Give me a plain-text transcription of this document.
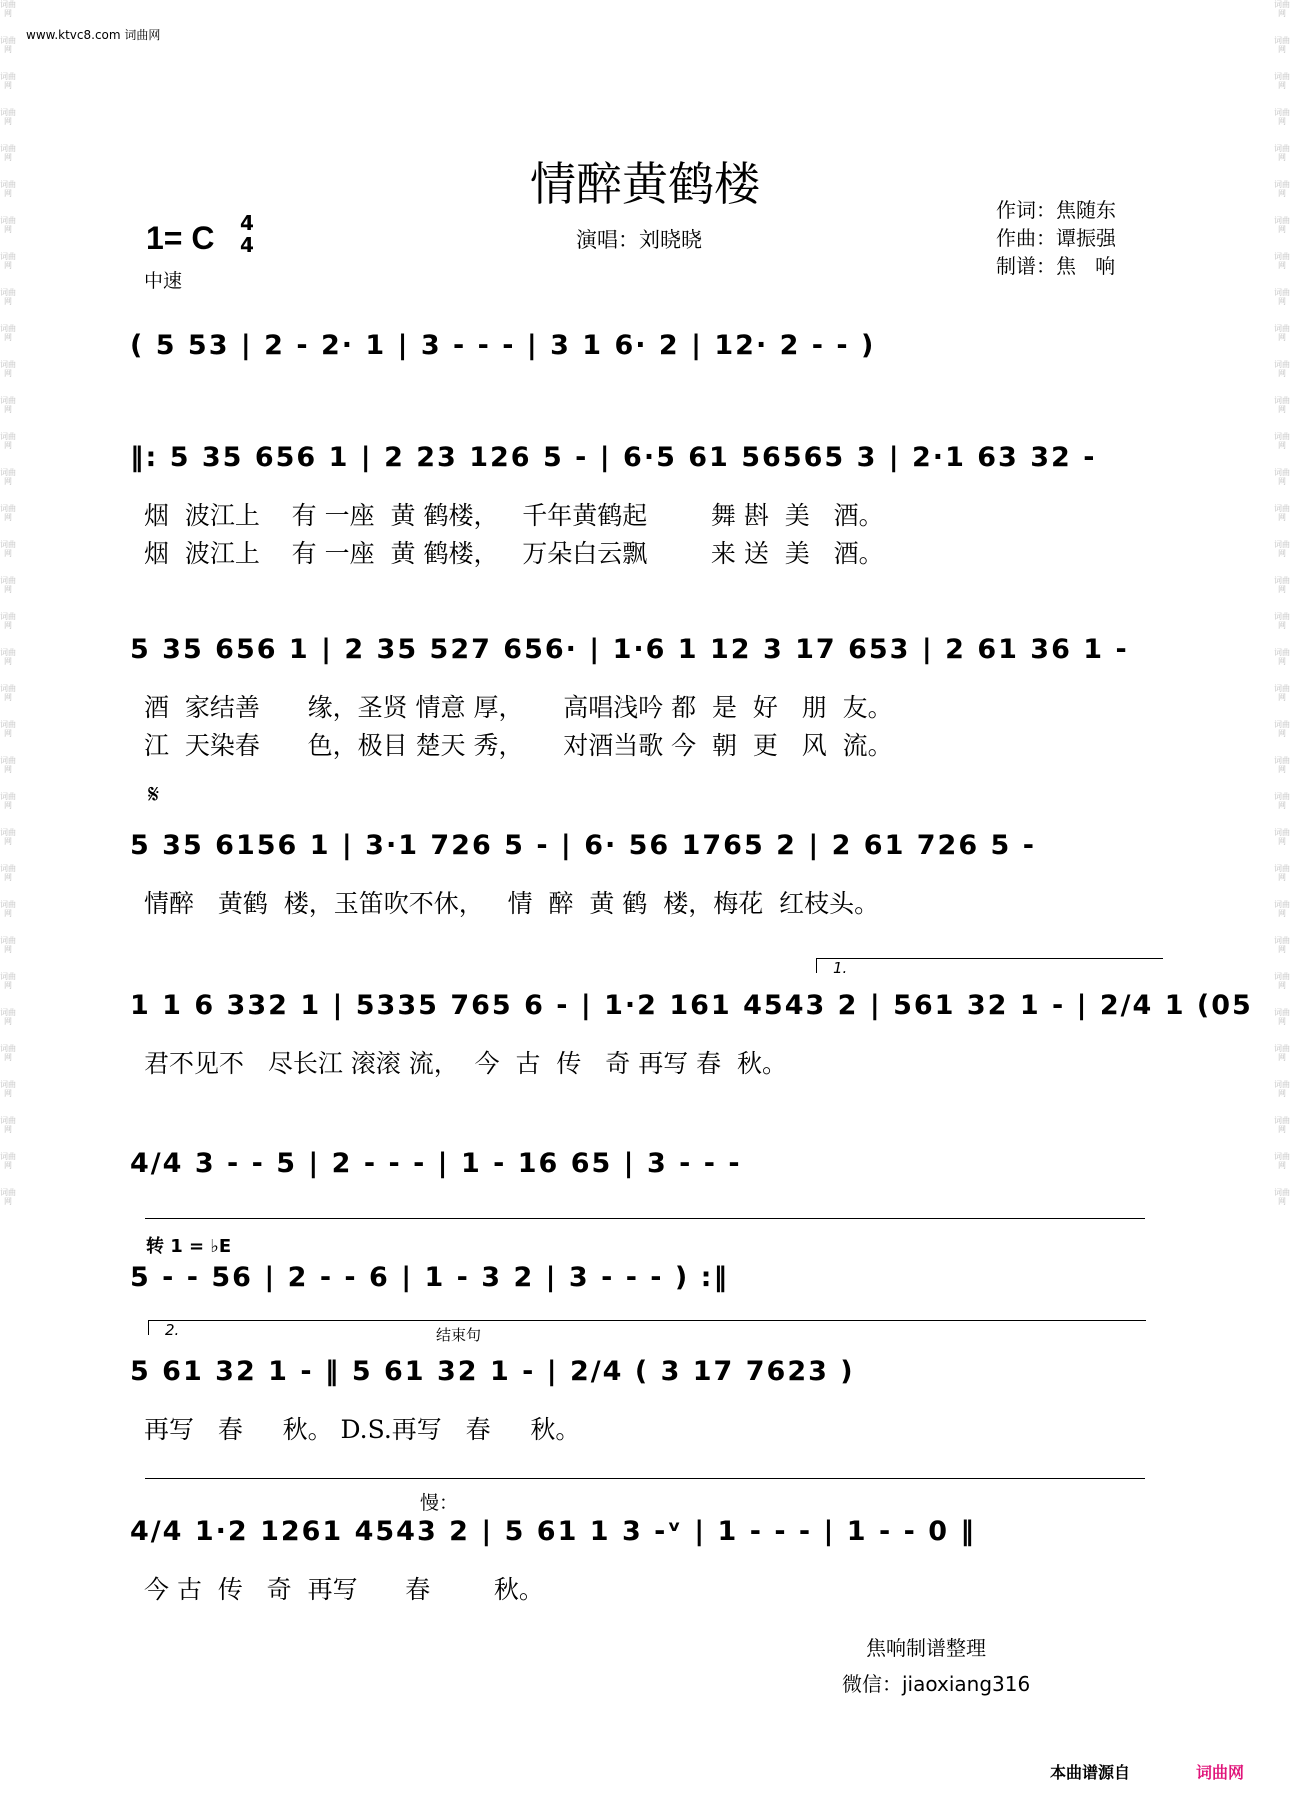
词曲网
词曲网
词曲网
词曲网
词曲网
词曲网
词曲网
词曲网
词曲网
词曲网
词曲网
词曲网
词曲网
词曲网
词曲网
词曲网
词曲网
词曲网
词曲网
词曲网
词曲网
词曲网
词曲网
词曲网
词曲网
词曲网
词曲网
词曲网
词曲网
词曲网
词曲网
词曲网
词曲网
词曲网
词曲网
词曲网
词曲网
词曲网
词曲网
词曲网
词曲网
词曲网
词曲网
词曲网
词曲网
词曲网
词曲网
词曲网
词曲网
词曲网
词曲网
词曲网
词曲网
词曲网
词曲网
词曲网
词曲网
词曲网
词曲网
词曲网
词曲网
词曲网
词曲网
词曲网
词曲网
词曲网
词曲网
词曲网
www.ktvc8.com 词曲网
情醉黄鹤楼
1= C 4
4
中速
演唱：刘晓晓
作词：焦随东
作曲：谭振强
制谱：焦   响
( 5 53 | 2 - 2· 1 | 3 - - - | 3 1 6· 2 | 12· 2 - - )
‖: 5 35 656 1 | 2 23 126 5 - | 6·5 61 56565 3 | 2·1 63 32 -
烟  波江上    有 一座  黄 鹤楼，   千年黄鹤起        舞 斟  美   酒。
烟  波江上    有 一座  黄 鹤楼，   万朵白云飘        来 送  美   酒。
5 35 656 1 | 2 35 527 656· | 1·6 1 12 3 17 653 | 2 61 36 1 -
酒  家结善      缘，圣贤 情意 厚，     高唱浅吟 都  是  好   朋  友。
江  天染春      色，极目 楚天 秀，     对酒当歌 今  朝  更   风  流。
𝄋
5 35 6156 1 | 3·1 726 5 - | 6· 56 1765 2 | 2 61 726 5 -
情醉   黄鹤  楼，玉笛吹不休，   情  醉  黄 鹤  楼，梅花  红枝头。
1.
1 1 6 332 1 | 5335 765 6 - | 1·2 161 4543 2 | 561 32 1 - | 2/4 1 (05
君不见不   尽长江 滚滚 流，  今  古  传   奇 再写 春  秋。
4/4 3 - - 5 | 2 - - - | 1 - 16 65 | 3 - - -
转 1 = ♭E
5 - - 56 | 2 - - 6 | 1 - 3 2 | 3 - - - ) :‖
2.	结束句
5 61 32 1 - ‖ 5 61 32 1 - | 2/4 ( 3 17 7623 )
再写   春     秋。 D.S.再写   春     秋。
慢：
4/4 1·2 1261 4543 2 | 5 61 1 3 -ᵛ | 1 - - - | 1 - - 0 ‖
今 古  传   奇  再写      春        秋。
焦响制谱整理
微信：jiaoxiang316
本曲谱源自	词曲网
